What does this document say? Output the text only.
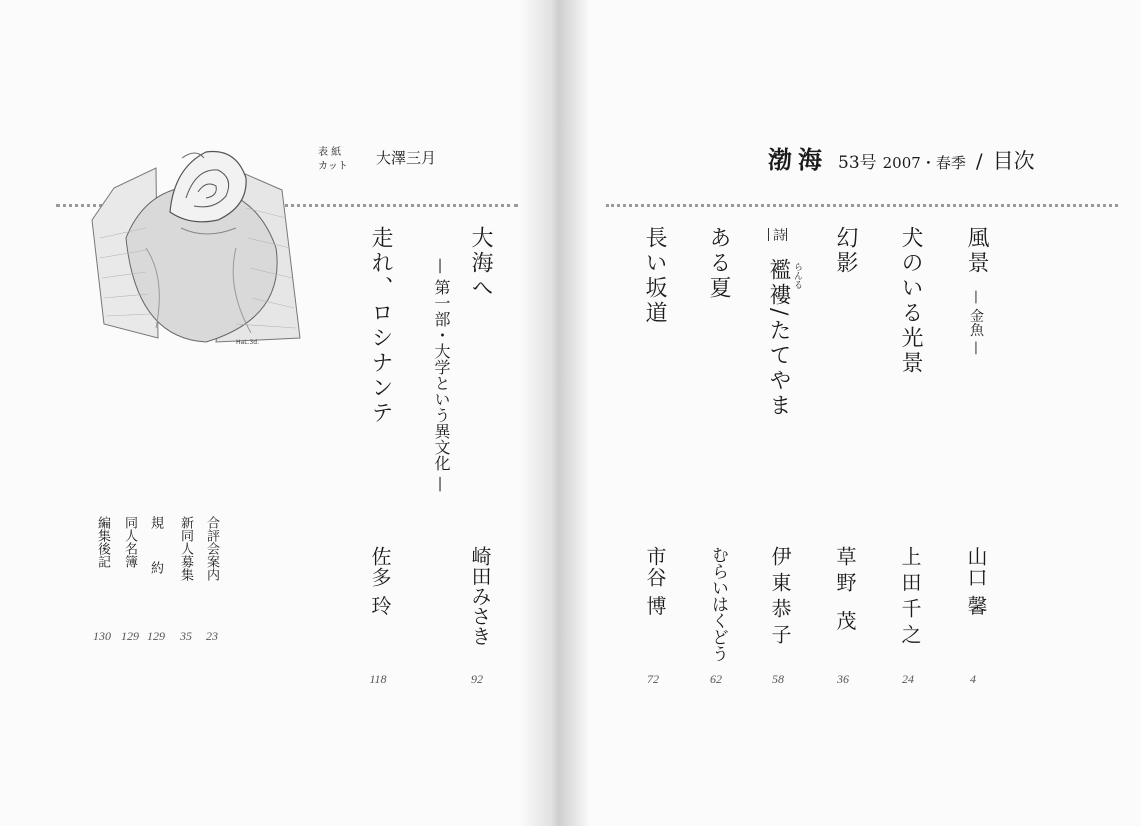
渤海 53号 2007・春季 / 目次
表 紙
カット 大澤三月
HaL.3d.
風景
— 金魚 —
山口 馨
4
犬のいる光景
上田千之
24
幻影
草野 茂
36
詩
襤褸/たてやま らんる
伊東恭子
58
ある夏
むらいはくどう
62
長い坂道
市谷 博
72
大海へ
— 第一部・大学という異文化 —
崎田みさき
92
走れ、ロシナンテ
佐多 玲
118
合評会案内
23
新同人募集
35
規 約
129
同人名簿
129
編集後記
130
